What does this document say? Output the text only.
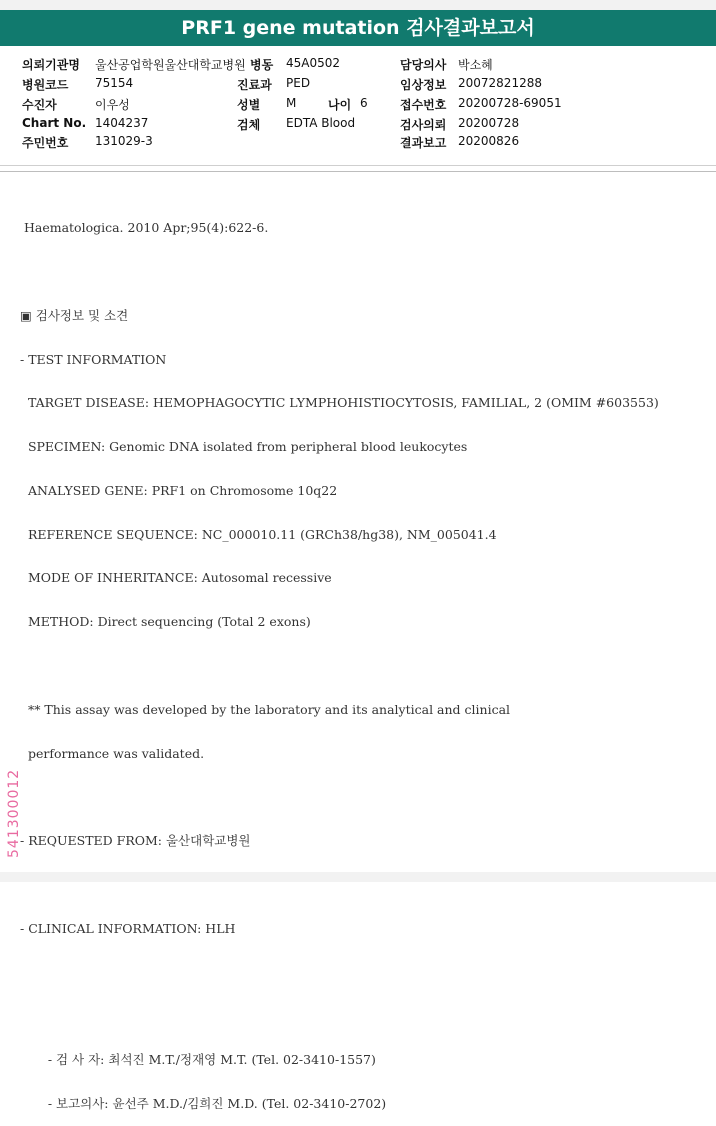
PRF1 gene mutation 검사결과보고서
의뢰기관명 울산공업학원울산대학교병원 병동 45A0502	담당의사 박소혜
병원코드 75154	진료과 PED	임상정보 20072821288
수진자	이우성	성별 M	나이 6	접수번호 20200728-69051
Chart No. 1404237	검체 EDTA Blood	검사의뢰 20200728
주민번호 131029-3	결과보고 20200826

Haematologica. 2010 Apr;95(4):622-6.

▣ 검사정보 및 소견

- TEST INFORMATION

TARGET DISEASE: HEMOPHAGOCYTIC LYMPHOHISTIOCYTOSIS, FAMILIAL, 2 (OMIM #603553)

SPECIMEN: Genomic DNA isolated from peripheral blood leukocytes

ANALYSED GENE: PRF1 on Chromosome 10q22

REFERENCE SEQUENCE: NC_000010.11 (GRCh38/hg38), NM_005041.4

MODE OF INHERITANCE: Autosomal recessive

METHOD: Direct sequencing (Total 2 exons)

** This assay was developed by the laboratory and its analytical and clinical

performance was validated.

- REQUESTED FROM: 울산대학교병원

- CLINICAL INFORMATION: HLH

- 검 사 자: 최석진 M.T./정재영 M.T. (Tel. 02-3410-1557)

- 보고의사: 윤선주 M.D./김희진 M.D. (Tel. 02-3410-2702)

541300012
